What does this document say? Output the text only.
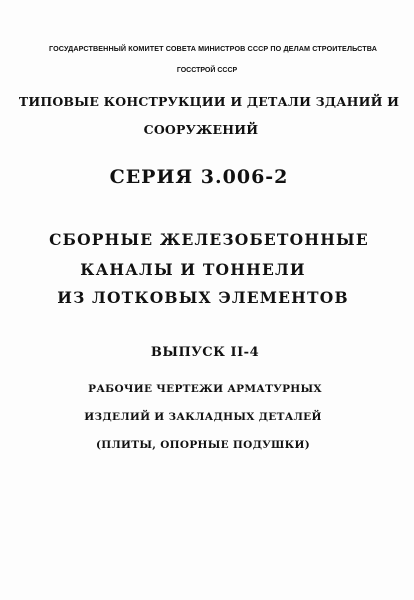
ГОСУДАРСТВЕННЫЙ КОМИТЕТ СОВЕТА МИНИСТРОВ СССР ПО ДЕЛАМ СТРОИТЕЛЬСТВА
ГОССТРОЙ СССР
ТИПОВЫЕ КОНСТРУКЦИИ И ДЕТАЛИ ЗДАНИЙ И
СООРУЖЕНИЙ
СЕРИЯ 3.006-2
СБОРНЫЕ ЖЕЛЕЗОБЕТОННЫЕ
КАНАЛЫ И ТОННЕЛИ
ИЗ ЛОТКОВЫХ ЭЛЕМЕНТОВ
ВЫПУСК II-4
РАБОЧИЕ ЧЕРТЕЖИ АРМАТУРНЫХ
ИЗДЕЛИЙ И ЗАКЛАДНЫХ ДЕТАЛЕЙ
(ПЛИТЫ, ОПОРНЫЕ ПОДУШКИ)
